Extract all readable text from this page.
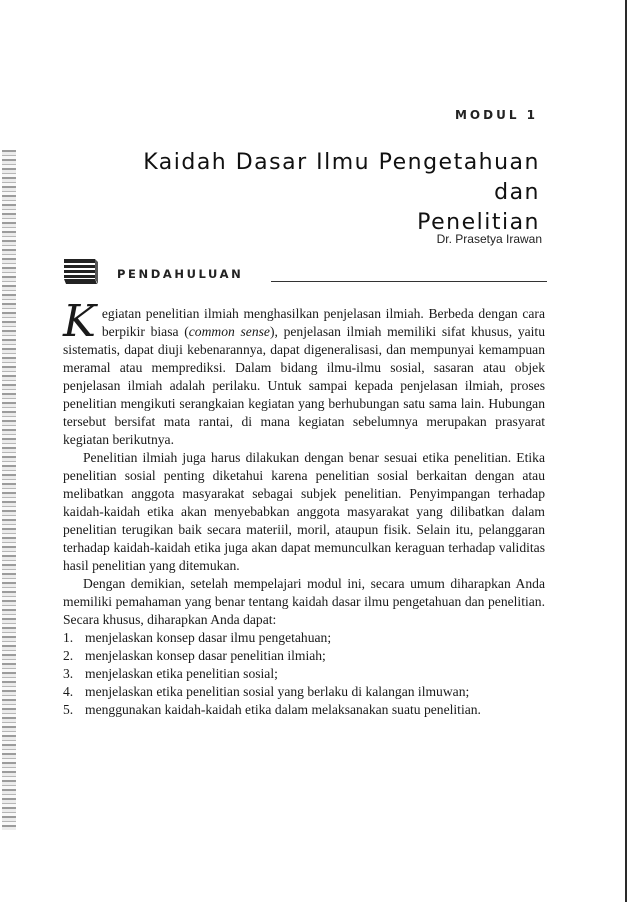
MODUL 1
Kaidah Dasar Ilmu Pengetahuan dan
Penelitian
Dr. Prasetya Irawan
PENDAHULUAN

Kegiatan penelitian ilmiah menghasilkan penjelasan ilmiah. Berbeda dengan cara berpikir biasa (common sense), penjelasan ilmiah memiliki sifat khusus, yaitu sistematis, dapat diuji kebenarannya, dapat digeneralisasi, dan mempunyai kemampuan meramal atau memprediksi. Dalam bidang ilmu-ilmu sosial, sasaran atau objek penjelasan ilmiah adalah perilaku. Untuk sampai kepada penjelasan ilmiah, proses penelitian mengikuti serangkaian kegiatan yang berhubungan satu sama lain. Hubungan tersebut bersifat mata rantai, di mana kegiatan sebelumnya merupakan prasyarat kegiatan berikutnya.

Penelitian ilmiah juga harus dilakukan dengan benar sesuai etika penelitian. Etika penelitian sosial penting diketahui karena penelitian sosial berkaitan dengan atau melibatkan anggota masyarakat sebagai subjek penelitian. Penyimpangan terhadap kaidah-kaidah etika akan menyebabkan anggota masyarakat yang dilibatkan dalam penelitian terugikan baik secara materiil, moril, ataupun fisik. Selain itu, pelanggaran terhadap kaidah-kaidah etika juga akan dapat memunculkan keraguan terhadap validitas hasil penelitian yang ditemukan.

Dengan demikian, setelah mempelajari modul ini, secara umum diharapkan Anda memiliki pemahaman yang benar tentang kaidah dasar ilmu pengetahuan dan penelitian. Secara khusus, diharapkan Anda dapat:

1. menjelaskan konsep dasar ilmu pengetahuan;
2. menjelaskan konsep dasar penelitian ilmiah;
3. menjelaskan etika penelitian sosial;
4. menjelaskan etika penelitian sosial yang berlaku di kalangan ilmuwan;
5. menggunakan kaidah-kaidah etika dalam melaksanakan suatu penelitian.
